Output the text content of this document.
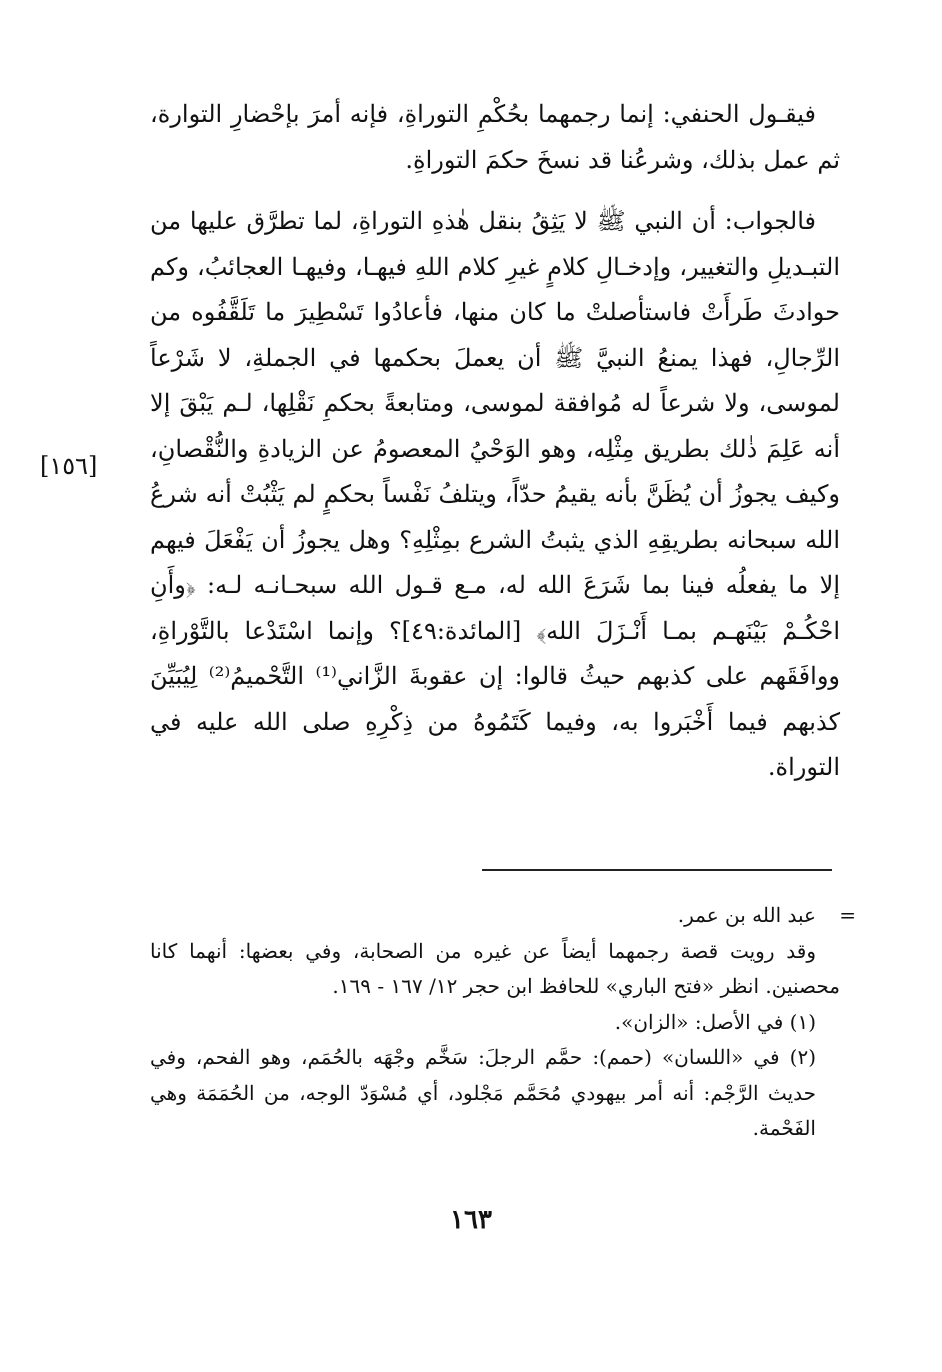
فيقـول الحنفي: إنما رجمهما بحُكْمِ التوراةِ، فإنه أمرَ بإحْضارِ التوارة، ثم عمل بذلك، وشرعُنا قد نسخَ حكمَ التوراةِ.

فالجواب: أن النبي ﷺ لا يَثِقُ بنقل هٰذهِ التوراةِ، لما تطرَّق عليها من التبـديلِ والتغيير، وإدخـالِ كلامٍ غيرِ كلام اللهِ فيهـا، وفيهـا العجائبُ، وكم حوادثَ طَرأَتْ فاستأصلتْ ما كان منها، فأعادُوا تَسْطِيرَ ما تَلَقَّفُوه من الرِّجالِ، فهذا يمنعُ النبيَّ ﷺ أن يعملَ بحكمها في الجملةِ، لا شَرْعاً لموسى، ولا شرعاً له مُوافقة لموسى، ومتابعةً بحكمِ نَقْلِها، لـم يَبْقَ إلا أنه عَلِمَ ذٰلك بطريق مِثْلِه، وهو الوَحْيُ المعصومُ عن الزيادةِ والنُّقْصانِ، وكيف يجوزُ أن يُظَنَّ بأنه يقيمُ حدّاً، ويتلفُ نَفْساً بحكمٍ لم يَثْبُتْ أنه شرعُ الله سبحانه بطريقِهِ الذي يثبتُ الشرع بمِثْلِهِ؟ وهل يجوزُ أن يَفْعَلَ فيهم إلا ما يفعلُه فينا بما شَرَعَ الله له، مـع قـول الله سبحـانـه لـه: ﴿وأَنِ احْكُـمْ بَيْنَهـم بمـا أَنْـزَلَ الله﴾ [المائدة:٤٩]؟ وإنما اسْتَدْعا بالتَّوْراةِ، ووافَقَهم على كذبهم حيثُ قالوا: إن عقوبةَ الزَّاني⁽¹⁾ التَّحْميمُ⁽²⁾ لِيُبَيِّنَ كذبهم فيما أَخْبَروا به، وفيما كَتَمُوهُ من ذِكْرِهِ صلى الله عليه في التوراة.

[١٥٦]

=
عبد الله بن عمر.

وقد رويت قصة رجمهما أيضاً عن غيره من الصحابة، وفي بعضها: أنهما كانا محصنين. انظر «فتح الباري» للحافظ ابن حجر ١٢/ ١٦٧ - ١٦٩.

(١) في الأصل: «الزان».

(٢) في «اللسان» (حمم): حمَّم الرجلَ: سَخَّم وجْهَه بالحُمَم، وهو الفحم، وفي حديث الرَّجْم: أنه أمر بيهودي مُحَمَّم مَجْلود، أي مُسْوَدّ الوجه، من الحُمَمَة وهي الفَحْمة.

١٦٣
